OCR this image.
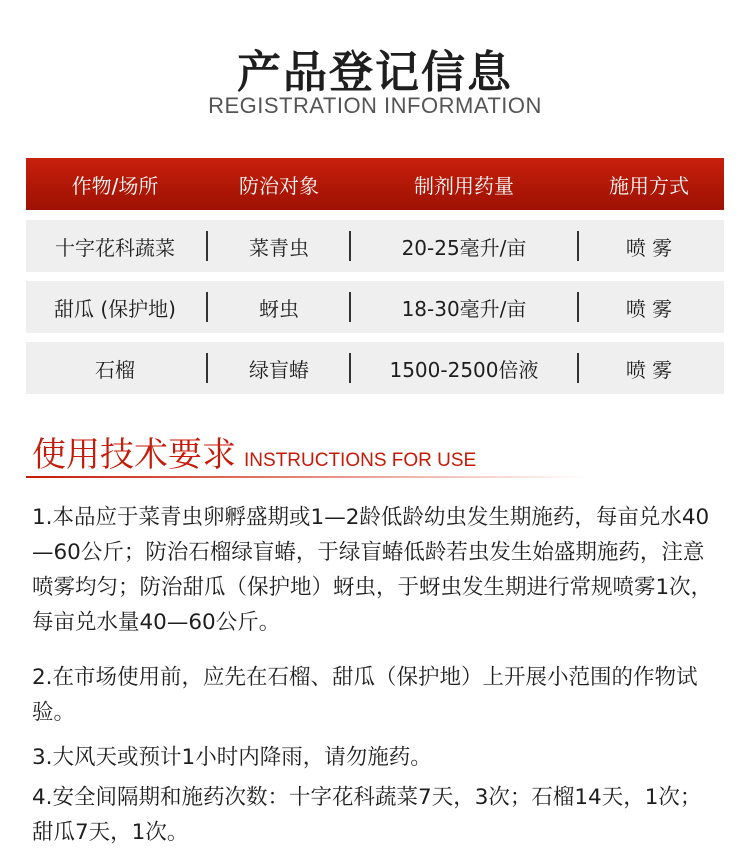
产品登记信息
REGISTRATION INFORMATION
作物/场所	防治对象	制剂用药量	施用方式
十字花科蔬菜	菜青虫	20-25毫升/亩	喷 雾
甜瓜 (保护地)	蚜虫	18-30毫升/亩	喷 雾
石榴	绿盲蝽	1500-2500倍液	喷 雾
使用技术要求 INSTRUCTIONS FOR USE
1.本品应于菜青虫卵孵盛期或1—2龄低龄幼虫发生期施药，每亩兑水40—60公斤；防治石榴绿盲蝽，于绿盲蝽低龄若虫发生始盛期施药，注意喷雾均匀；防治甜瓜（保护地）蚜虫，于蚜虫发生期进行常规喷雾1次，每亩兑水量40—60公斤。
2.在市场使用前，应先在石榴、甜瓜（保护地）上开展小范围的作物试验。
3.大风天或预计1小时内降雨，请勿施药。
4.安全间隔期和施药次数：十字花科蔬菜7天，3次；石榴14天，1次；甜瓜7天，1次。
